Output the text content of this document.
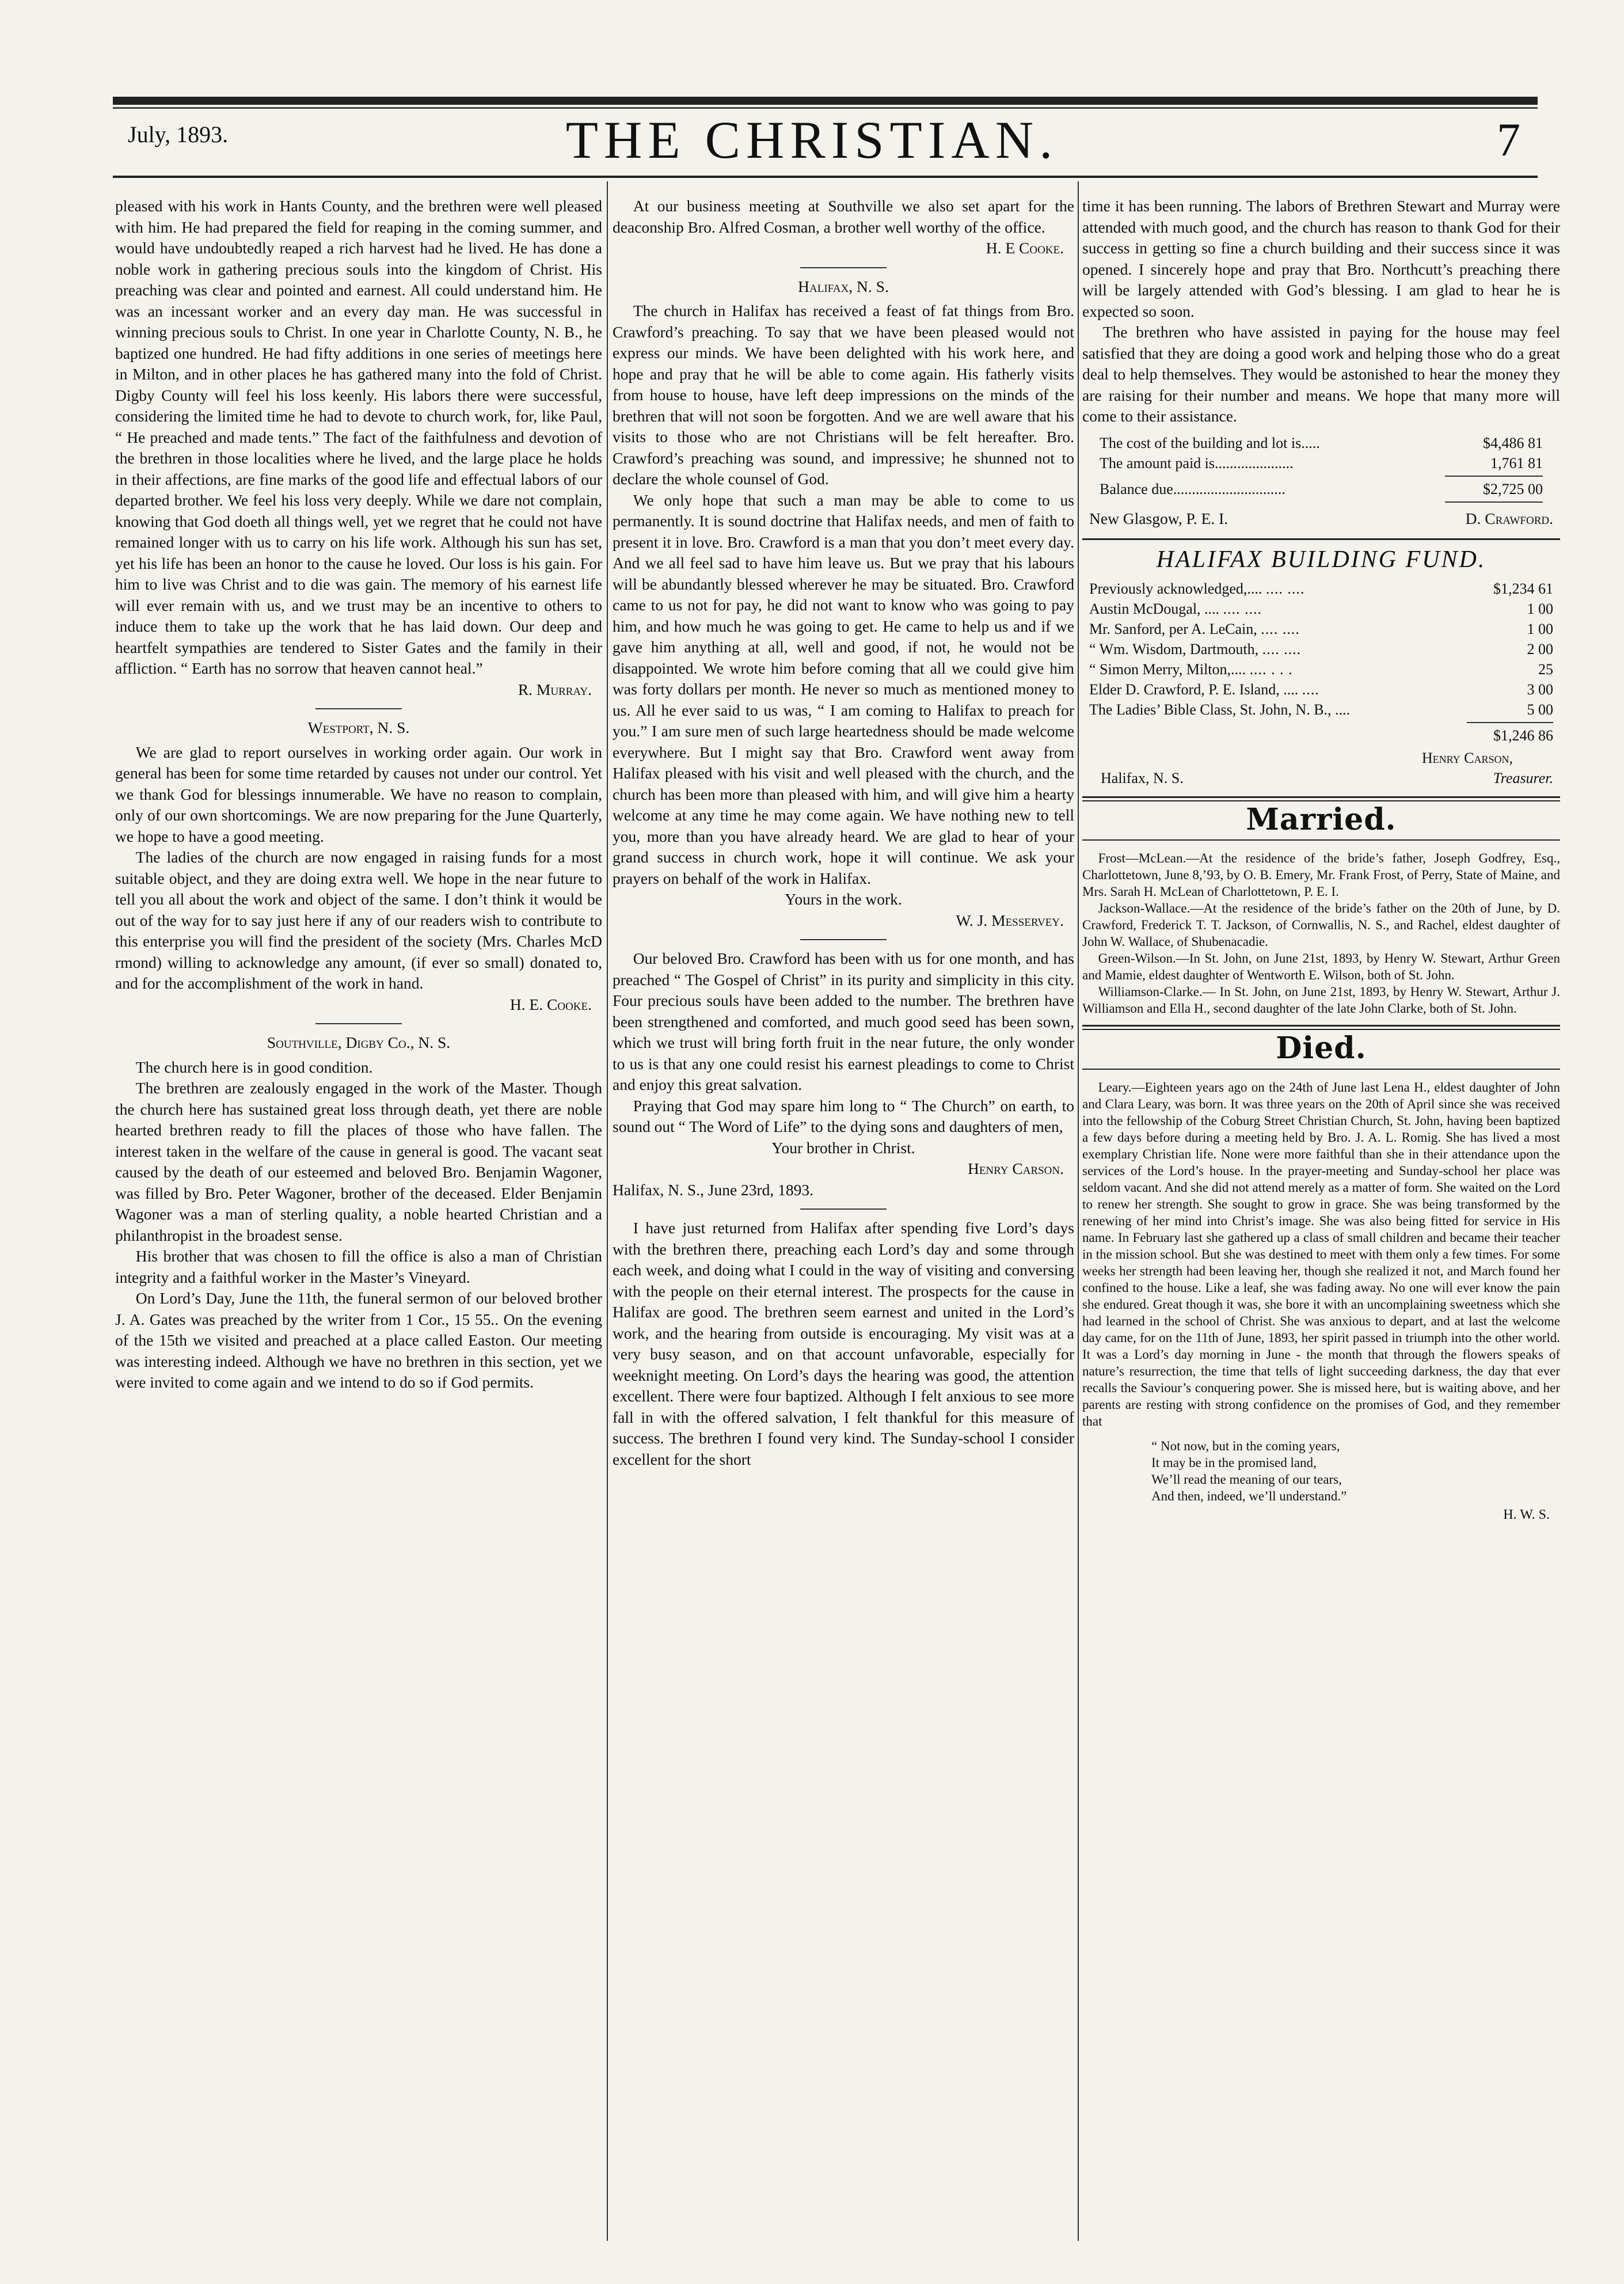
July, 1893.	THE CHRISTIAN.	7

pleased with his work in Hants County, and the brethren were well pleased with him. He had prepared the field for reaping in the coming summer, and would have undoubtedly reaped a rich harvest had he lived. He has done a noble work in gathering precious souls into the kingdom of Christ. His preaching was clear and pointed and earnest. All could understand him. He was an incessant worker and an every day man. He was successful in winning precious souls to Christ. In one year in Charlotte County, N. B., he baptized one hundred. He had fifty additions in one series of meetings here in Milton, and in other places he has gathered many into the fold of Christ. Digby County will feel his loss keenly. His labors there were successful, considering the limited time he had to devote to church work, for, like Paul, “ He preached and made tents.” The fact of the faithfulness and devotion of the brethren in those localities where he lived, and the large place he holds in their affections, are fine marks of the good life and effectual labors of our departed brother. We feel his loss very deeply. While we dare not complain, knowing that God doeth all things well, yet we regret that he could not have remained longer with us to carry on his life work. Although his sun has set, yet his life has been an honor to the cause he loved. Our loss is his gain. For him to live was Christ and to die was gain. The memory of his earnest life will ever remain with us, and we trust may be an incentive to others to induce them to take up the work that he has laid down. Our deep and heartfelt sympathies are tendered to Sister Gates and the family in their affliction. “ Earth has no sorrow that heaven cannot heal.”

R. Murray.
Westport, N. S.

We are glad to report ourselves in working order again. Our work in general has been for some time retarded by causes not under our control. Yet we thank God for blessings innumerable. We have no reason to complain, only of our own shortcomings. We are now preparing for the June Quarterly, we hope to have a good meeting.

The ladies of the church are now engaged in raising funds for a most suitable object, and they are doing extra well. We hope in the near future to tell you all about the work and object of the same. I don’t think it would be out of the way for to say just here if any of our readers wish to contribute to this enterprise you will find the president of the society (Mrs. Charles McD rmond) willing to acknowledge any amount, (if ever so small) donated to, and for the accomplishment of the work in hand.

H. E. Cooke.
Southville, Digby Co., N. S.

The church here is in good condition.

The brethren are zealously engaged in the work of the Master. Though the church here has sustained great loss through death, yet there are noble hearted brethren ready to fill the places of those who have fallen. The interest taken in the welfare of the cause in general is good. The vacant seat caused by the death of our esteemed and beloved Bro. Benjamin Wagoner, was filled by Bro. Peter Wagoner, brother of the deceased. Elder Benjamin Wagoner was a man of sterling quality, a noble hearted Christian and a philanthropist in the broadest sense.

His brother that was chosen to fill the office is also a man of Christian integrity and a faithful worker in the Master’s Vineyard.

On Lord’s Day, June the 11th, the funeral sermon of our beloved brother J. A. Gates was preached by the writer from 1 Cor., 15 55.. On the evening of the 15th we visited and preached at a place called Easton. Our meeting was interesting indeed. Although we have no brethren in this section, yet we were invited to come again and we intend to do so if God permits.

At our business meeting at Southville we also set apart for the deaconship Bro. Alfred Cosman, a brother well worthy of the office.

H. E Cooke.
Halifax, N. S.

The church in Halifax has received a feast of fat things from Bro. Crawford’s preaching. To say that we have been pleased would not express our minds. We have been delighted with his work here, and hope and pray that he will be able to come again. His fatherly visits from house to house, have left deep impressions on the minds of the brethren that will not soon be forgotten. And we are well aware that his visits to those who are not Christians will be felt hereafter. Bro. Crawford’s preaching was sound, and impressive; he shunned not to declare the whole counsel of God.

We only hope that such a man may be able to come to us permanently. It is sound doctrine that Halifax needs, and men of faith to present it in love. Bro. Crawford is a man that you don’t meet every day. And we all feel sad to have him leave us. But we pray that his labours will be abundantly blessed wherever he may be situated. Bro. Crawford came to us not for pay, he did not want to know who was going to pay him, and how much he was going to get. He came to help us and if we gave him anything at all, well and good, if not, he would not be disappointed. We wrote him before coming that all we could give him was forty dollars per month. He never so much as mentioned money to us. All he ever said to us was, “ I am coming to Halifax to preach for you.” I am sure men of such large heartedness should be made welcome everywhere. But I might say that Bro. Crawford went away from Halifax pleased with his visit and well pleased with the church, and the church has been more than pleased with him, and will give him a hearty welcome at any time he may come again. We have nothing new to tell you, more than you have already heard. We are glad to hear of your grand success in church work, hope it will continue. We ask your prayers on behalf of the work in Halifax.

Yours in the work.
W. J. Messervey.

Our beloved Bro. Crawford has been with us for one month, and has preached “ The Gospel of Christ” in its purity and simplicity in this city. Four precious souls have been added to the number. The brethren have been strengthened and comforted, and much good seed has been sown, which we trust will bring forth fruit in the near future, the only wonder to us is that any one could resist his earnest pleadings to come to Christ and enjoy this great salvation.

Praying that God may spare him long to “ The Church” on earth, to sound out “ The Word of Life” to the dying sons and daughters of men,

Your brother in Christ.
Henry Carson.

Halifax, N. S., June 23rd, 1893.

I have just returned from Halifax after spending five Lord’s days with the brethren there, preaching each Lord’s day and some through each week, and doing what I could in the way of visiting and conversing with the people on their eternal interest. The prospects for the cause in Halifax are good. The brethren seem earnest and united in the Lord’s work, and the hearing from outside is encouraging. My visit was at a very busy season, and on that account unfavorable, especially for weeknight meeting. On Lord’s days the hearing was good, the attention excellent. There were four baptized. Although I felt anxious to see more fall in with the offered salvation, I felt thankful for this measure of success. The brethren I found very kind. The Sunday-school I consider excellent for the short

time it has been running. The labors of Brethren Stewart and Murray were attended with much good, and the church has reason to thank God for their success in getting so fine a church building and their success since it was opened. I sincerely hope and pray that Bro. Northcutt’s preaching there will be largely attended with God’s blessing. I am glad to hear he is expected so soon.

The brethren who have assisted in paying for the house may feel satisfied that they are doing a good work and helping those who do a great deal to help themselves. They would be astonished to hear the money they are raising for their number and means. We hope that many more will come to their assistance.

The cost of the building and lot is.....	$4,486 81
The amount paid is.....................	1,761 81
Balance due..............................	$2,725 00
New Glasgow, P. E. I.	D. Crawford.
HALIFAX BUILDING FUND.
Previously acknowledged,.... .... ....	$1,234 61
Austin McDougal, .... .... ....	1 00
Mr. Sanford, per A. LeCain, .... ....	1 00
“ Wm. Wisdom, Dartmouth, .... ....	2 00
“ Simon Merry, Milton,.... .... . . .	25
Elder D. Crawford, P. E. Island, .... ....	3 00
The Ladies’ Bible Class, St. John, N. B., ....	5 00
$1,246 86
Henry Carson,
Halifax, N. S.	Treasurer.
Married.

Frost—McLean.—At the residence of the bride’s father, Joseph Godfrey, Esq., Charlottetown, June 8,’93, by O. B. Emery, Mr. Frank Frost, of Perry, State of Maine, and Mrs. Sarah H. McLean of Charlottetown, P. E. I.

Jackson-Wallace.—At the residence of the bride’s father on the 20th of June, by D. Crawford, Frederick T. T. Jackson, of Cornwallis, N. S., and Rachel, eldest daughter of John W. Wallace, of Shubenacadie.

Green-Wilson.—In St. John, on June 21st, 1893, by Henry W. Stewart, Arthur Green and Mamie, eldest daughter of Wentworth E. Wilson, both of St. John.

Williamson-Clarke.— In St. John, on June 21st, 1893, by Henry W. Stewart, Arthur J. Williamson and Ella H., second daughter of the late John Clarke, both of St. John.

Died.

Leary.—Eighteen years ago on the 24th of June last Lena H., eldest daughter of John and Clara Leary, was born. It was three years on the 20th of April since she was received into the fellowship of the Coburg Street Christian Church, St. John, having been baptized a few days before during a meeting held by Bro. J. A. L. Romig. She has lived a most exemplary Christian life. None were more faithful than she in their attendance upon the services of the Lord’s house. In the prayer-meeting and Sunday-school her place was seldom vacant. And she did not attend merely as a matter of form. She waited on the Lord to renew her strength. She sought to grow in grace. She was being transformed by the renewing of her mind into Christ’s image. She was also being fitted for service in His name. In February last she gathered up a class of small children and became their teacher in the mission school. But she was destined to meet with them only a few times. For some weeks her strength had been leaving her, though she realized it not, and March found her confined to the house. Like a leaf, she was fading away. No one will ever know the pain she endured. Great though it was, she bore it with an uncomplaining sweetness which she had learned in the school of Christ. She was anxious to depart, and at last the welcome day came, for on the 11th of June, 1893, her spirit passed in triumph into the other world. It was a Lord’s day morning in June - the month that through the flowers speaks of nature’s resurrection, the time that tells of light succeeding darkness, the day that ever recalls the Saviour’s conquering power. She is missed here, but is waiting above, and her parents are resting with strong confidence on the promises of God, and they remember that

“ Not now, but in the coming years,
It may be in the promised land,
We’ll read the meaning of our tears,
And then, indeed, we’ll understand.”
H. W. S.
